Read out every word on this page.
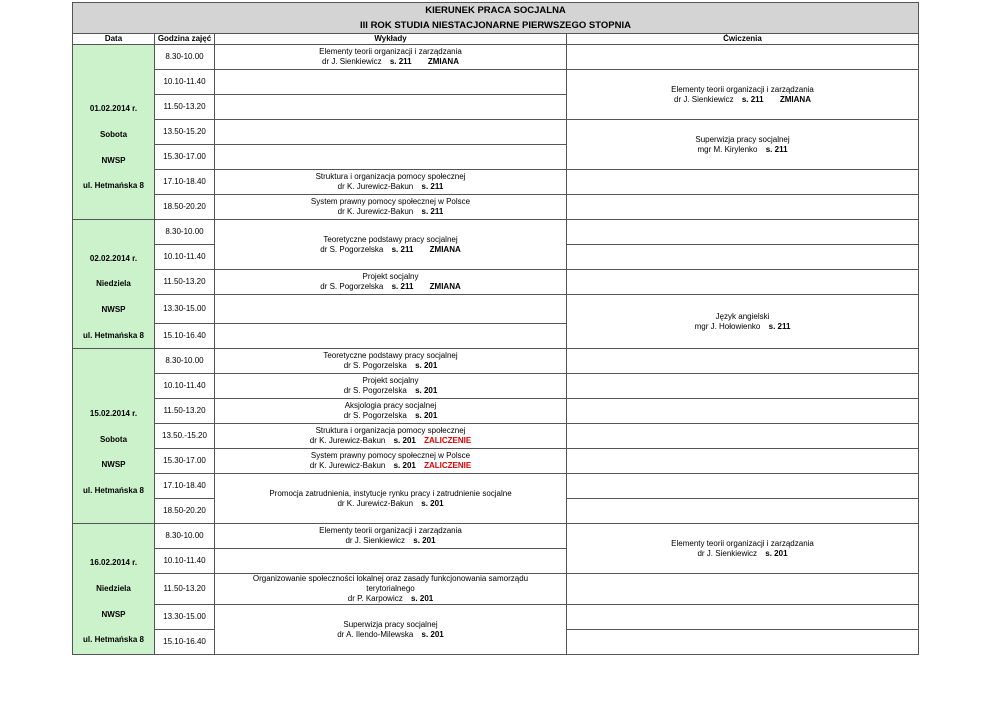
KIERUNEK PRACA SOCJALNA			
III ROK STUDIA NIESTACJONARNE PIERWSZEGO STOPNIA			
Data	Godzina zajęć	Wykłady	Ćwiczenia

01.02.2014 r.
Sobota
NWSP
ul. Hetmańska 8	8.30-10.00	Elementy teorii organizacji i zarządzania
dr J. Sienkiewicz s. 211 ZMIANA	
	10.10-11.40		Elementy teorii organizacji i zarządzania
dr J. Sienkiewicz s. 211 ZMIANA
	11.50-13.20		
	13.50-15.20		Superwizja pracy socjalnej
mgr M. Kirylenko s. 211
	15.30-17.00		
	17.10-18.40	Struktura i organizacja pomocy społecznej
dr K. Jurewicz-Bakun s. 211	
	18.50-20.20	System prawny pomocy społecznej w Polsce
dr K. Jurewicz-Bakun s. 211	

02.02.2014 r.
Niedziela
NWSP
ul. Hetmańska 8	8.30-10.00	Teoretyczne podstawy pracy socjalnej
dr S. Pogorzelska s. 211 ZMIANA	
	10.10-11.40		
	11.50-13.20	Projekt socjalny
dr S. Pogorzelska s. 211 ZMIANA	
	13.30-15.00		Język angielski
mgr J. Hołowienko s. 211
	15.10-16.40		

15.02.2014 r.
Sobota
NWSP
ul. Hetmańska 8	8.30-10.00	Teoretyczne podstawy pracy socjalnej
dr S. Pogorzelska s. 201	
	10.10-11.40	Projekt socjalny
dr S. Pogorzelska s. 201	
	11.50-13.20	Aksjologia pracy socjalnej
dr S. Pogorzelska s. 201	
	13.50.-15.20	Struktura i organizacja pomocy społecznej
dr K. Jurewicz-Bakun s. 201 ZALICZENIE	
	15.30-17.00	System prawny pomocy społecznej w Polsce
dr K. Jurewicz-Bakun s. 201 ZALICZENIE	
	17.10-18.40	Promocja zatrudnienia, instytucje rynku pracy i zatrudnienie socjalne
dr K. Jurewicz-Bakun s. 201	
	18.50-20.20		

16.02.2014 r.
Niedziela
NWSP
ul. Hetmańska 8	8.30-10.00	Elementy teorii organizacji i zarządzania
dr J. Sienkiewicz s. 201	Elementy teorii organizacji i zarządzania
dr J. Sienkiewicz s. 201
	10.10-11.40		
	11.50-13.20	Organizowanie społeczności lokalnej oraz zasady funkcjonowania samorządu
terytorialnego
dr P. Karpowicz s. 201	
	13.30-15.00	Superwizja pracy socjalnej
dr A. Ilendo-Milewska s. 201	
	15.10-16.40		
